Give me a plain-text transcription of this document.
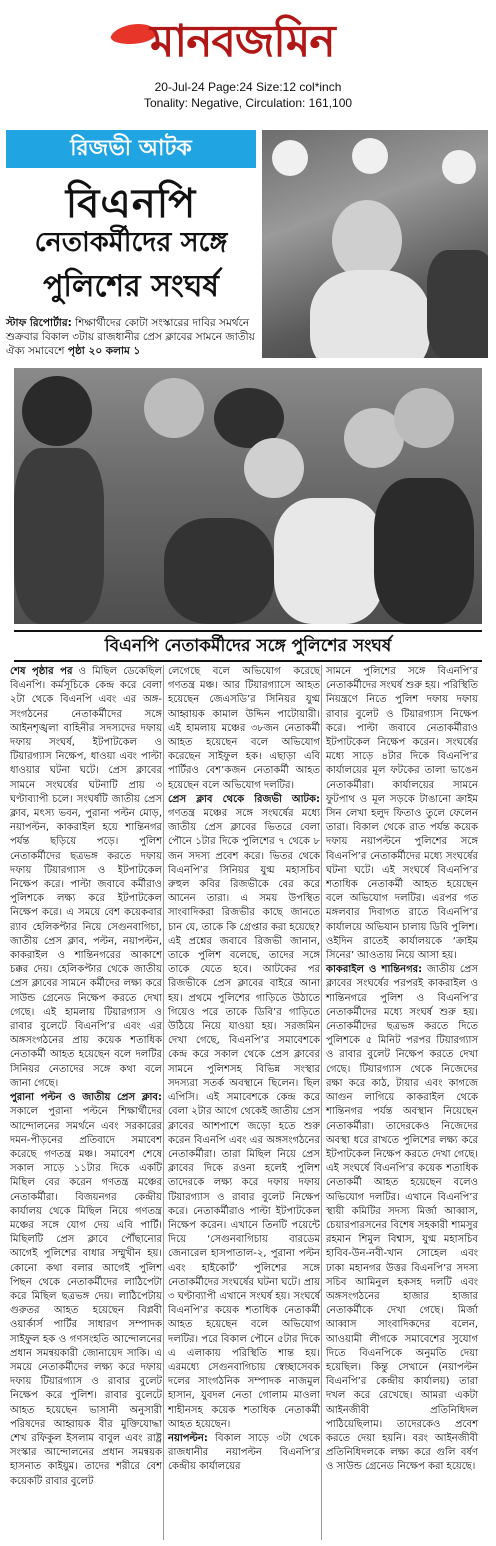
মানবজমিন
20-Jul-24 Page:24 Size:12 col*inch
Tonality: Negative, Circulation: 161,100
রিজভী আটক
বিএনপি
নেতাকর্মীদের সঙ্গে
পুলিশের সংঘর্ষ
স্টাফ রিপোর্টার: শিক্ষার্থীদের কোটা সংস্কারের দাবির সমর্থনে শুক্রবার বিকাল ৩টায় রাজধানীর প্রেস ক্লাবের সামনে জাতীয় ঐক্য সমাবেশে পৃষ্ঠা ২০ কলাম ১
বিএনপি নেতাকর্মীদের সঙ্গে পুলিশের সংঘর্ষ

শেষ পৃষ্ঠার পর ও মিছিল ডেকেছিল বিএনপি। কর্মসূচিকে কেন্দ্র করে বেলা ২টা থেকে বিএনপি এবং এর অঙ্গ-সংগঠনের নেতাকর্মীদের সঙ্গে আইনশৃঙ্খলা বাহিনীর সদস্যদের দফায় দফায় সংঘর্ষ, ইটপাটকেল ও টিয়ারগ্যাস নিক্ষেপ, ধাওয়া এবং পাল্টা ধাওয়ার ঘটনা ঘটে। প্রেস ক্লাবের সামনে সংঘর্ষের ঘটনাটি প্রায় ৩ ঘণ্টাব্যাপী চলে। সংঘর্ষটি জাতীয় প্রেস ক্লাব, মৎস্য ভবন, পুরানা পল্টন মোড়, নয়াপল্টন, কাকরাইল হয়ে শান্তিনগর পর্যন্ত ছড়িয়ে পড়ে। পুলিশ নেতাকর্মীদের ছত্রভঙ্গ করতে দফায় দফায় টিয়ারগ্যাস ও ইটপাটকেল নিক্ষেপ করে। পাল্টা জবাবে কর্মীরাও পুলিশকে লক্ষ্য করে ইটপাটকেল নিক্ষেপ করে। এ সময়ে বেশ কয়েকবার র‌্যাব হেলিকপ্টার নিয়ে সেগুনবাগিচা, জাতীয় প্রেস ক্লাব, পল্টন, নয়াপল্টন, কাকরাইল ও শান্তিনগরের আকাশে চক্কর দেয়। হেলিকপ্টার থেকে জাতীয় প্রেস ক্লাবের সামনে কর্মীদের লক্ষ্য করে সাউন্ড গ্রেনেড নিক্ষেপ করতে দেখা গেছে। এই হামলায় টিয়ারগ্যাস ও রাবার বুলেটে বিএনপি’র এবং এর অঙ্গসংগঠনের প্রায় কয়েক শতাধিক নেতাকর্মী আহত হয়েছেন বলে দলটির সিনিয়র নেতাদের সঙ্গে কথা বলে জানা গেছে।

পুরানা পল্টন ও জাতীয় প্রেস ক্লাব: সকালে পুরানা পল্টনে শিক্ষার্থীদের আন্দোলনের সমর্থনে এবং সরকারের দমন-পীড়নের প্রতিবাদে সমাবেশ করেছে গণতন্ত্র মঞ্চ। সমাবেশ শেষে সকাল সাড়ে ১১টার দিকে একটি মিছিল বের করেন গণতন্ত্র মঞ্চের নেতাকর্মীরা। বিজয়নগর কেন্দ্রীয় কার্যালয় থেকে মিছিল নিয়ে গণতন্ত্র মঞ্চের সঙ্গে যোগ দেয় এবি পার্টি। মিছিলটি প্রেস ক্লাবে পৌঁছানোর আগেই পুলিশের বাধার সম্মুখীন হয়। কোনো কথা বলার আগেই পুলিশ পিছন থেকে নেতাকর্মীদের লাঠিপেটা করে মিছিল ছত্রভঙ্গ দেয়। লাঠিপেটায় গুরুতর আহত হয়েছেন বিপ্লবী ওয়ার্কার্স পার্টির সাধারণ সম্পাদক সাইফুল হক ও গণসংহতি আন্দোলনের প্রধান সমন্বয়কারী জোনায়েদ সাকি। এ সময়ে নেতাকর্মীদের লক্ষ্য করে দফায় দফায় টিয়ারগ্যাস ও রাবার বুলেট নিক্ষেপ করে পুলিশ। রাবার বুলেটে আহত হয়েছেন ভাসানী অনুসারী পরিষদের আহ্বায়ক বীর মুক্তিযোদ্ধা শেখ রফিকুল ইসলাম বাবুল এবং রাষ্ট্র সংস্কার আন্দোলনের প্রধান সমন্বয়ক হাসনাত কাইয়ুম। তাদের শরীরে বেশ কয়েকটি রাবার বুলেট

লেগেছে বলে অভিযোগ করেছে গণতন্ত্র মঞ্চ। আর টিয়ারগ্যাসে আহত হয়েছেন জেএসডি’র সিনিয়র যুগ্ম আহ্বায়ক কামাল উদ্দিন পাটোয়ারী। এই হামলায় মঞ্চের ৩৮জন নেতাকর্মী আহত হয়েছেন বলে অভিযোগ করেছেন সাইফুল হক। এছাড়া এবি পার্টিরও বেশ’কজন নেতাকর্মী আহত হয়েছেন বলে অভিযোগ দলটির।

প্রেস ক্লাব থেকে রিজভী আটক: গণতন্ত্র মঞ্চের সঙ্গে সংঘর্ষের মধ্যে জাতীয় প্রেস ক্লাবের ভিতরে বেলা পৌনে ১টার দিকে পুলিশের ৭ থেকে ৮ জন সদস্য প্রবেশ করে। ভিতর থেকে বিএনপি’র সিনিয়র যুগ্ম মহাসচিব রুহুল কবির রিজভীকে বের করে আনেন তারা। এ সময় উপস্থিত সাংবাদিকরা রিজভীর কাছে জানতে চান যে, তাকে কি গ্রেপ্তার করা হয়েছে? এই প্রশ্নের জবাবে রিজভী জানান, তাকে পুলিশ বলেছে, তাদের সঙ্গে তাকে যেতে হবে। আটকের পর রিজভীকে প্রেস ক্লাবের বাইরে আনা হয়। প্রথমে পুলিশের গাড়িতে উঠাতে গিয়েও পরে তাকে ডিবি’র গাড়িতে উঠিয়ে নিয়ে যাওয়া হয়। সরজমিন দেখা গেছে, বিএনপি’র সমাবেশকে কেন্দ্র করে সকাল থেকে প্রেস ক্লাবের সামনে পুলিশসহ বিভিন্ন সংস্থার সদস্যরা সতর্ক অবস্থানে ছিলেন। ছিল এপিসি। এই সমাবেশকে কেন্দ্র করে বেলা ২টার আগে থেকেই জাতীয় প্রেস ক্লাবের আশপাশে জড়ো হতে শুরু করেন বিএনপি এবং এর অঙ্গসংগঠনের নেতাকর্মীরা। তারা মিছিল নিয়ে প্রেস ক্লাবের দিকে রওনা হলেই পুলিশ তাদেরকে লক্ষ্য করে দফায় দফায় টিয়ারগ্যাস ও রাবার বুলেট নিক্ষেপ করে। নেতাকর্মীরাও পাল্টা ইটপাটকেল নিক্ষেপ করেন। এখানে তিনটি পয়েন্টে দিয়ে ‘সেগুনবাগিচায় বারডেম জেনারেল হাসপাতাল-২, পুরানা পল্টন এবং হাইকোর্ট’ পুলিশের সঙ্গে নেতাকর্মীদের সংঘর্ষের ঘটনা ঘটে। প্রায় ৩ ঘণ্টাব্যাপী এখানে সংঘর্ষ হয়। সংঘর্ষে বিএনপি’র কয়েক শতাধিক নেতাকর্মী আহত হয়েছেন বলে অভিযোগ দলটির। পরে বিকাল পৌনে ৫টার দিকে এ এলাকায় পরিস্থিতি শান্ত হয়। এরমধ্যে সেগুনবাগিচায় স্বেচ্ছাসেবক দলের সাংগঠনিক সম্পাদক নাজমুল হাসান, যুবদল নেতা গোলাম মাওলা শাহীনসহ কয়েক শতাধিক নেতাকর্মী আহত হয়েছেন।

নয়াপল্টন: বিকাল সাড়ে ৩টা থেকে রাজধানীর নয়াপল্টন বিএনপি’র কেন্দ্রীয় কার্যালয়ের

সামনে পুলিশের সঙ্গে বিএনপি’র নেতাকর্মীদের সংঘর্ষ শুরু হয়। পরিস্থিতি নিয়ন্ত্রণে নিতে পুলিশ দফায় দফায় রাবার বুলেট ও টিয়ারগ্যাস নিক্ষেপ করে। পাল্টা জবাবে নেতাকর্মীরাও ইটপাটকেল নিক্ষেপ করেন। সংঘর্ষের মধ্যে সাড়ে ৪টার দিকে বিএনপি’র কার্যালয়ের মূল ফটকের তালা ভাঙেন নেতাকর্মীরা। কার্যালয়ের সামনে ফুটপাথ ও মূল সড়কে টাঙানো ক্রাইম সিন লেখা হলুদ ফিতাও তুলে ফেলেন তারা। বিকাল থেকে রাত পর্যন্ত কয়েক দফায় নয়াপল্টনে পুলিশের সঙ্গে বিএনপি’র নেতাকর্মীদের মধ্যে সংঘর্ষের ঘটনা ঘটে। এই সংঘর্ষে বিএনপি’র শতাধিক নেতাকর্মী আহত হয়েছেন বলে অভিযোগ দলটির। এরপর গত মঙ্গলবার দিবাগত রাতে বিএনপি’র কার্যালয়ে অভিযান চালায় ডিবি পুলিশ। ওইদিন রাতেই কার্যালয়কে ‘ক্রাইম সিনের’ আওতায় নিয়ে আসা হয়।

কাকরাইল ও শান্তিনগর: জাতীয় প্রেস ক্লাবের সংঘর্ষের পরপরই কাকরাইল ও শান্তিনগরে পুলিশ ও বিএনপি’র নেতাকর্মীদের মধ্যে সংঘর্ষ শুরু হয়। নেতাকর্মীদের ছত্রভঙ্গ করতে দিতে পুলিশকে ৫ মিনিট পরপর টিয়ারগ্যাস ও রাবার বুলেট নিক্ষেপ করতে দেখা গেছে। টিয়ারগ্যাস থেকে নিজেদের রক্ষা করে কাঠ, টায়ার এবং কাগজে আগুন লাগিয়ে কাকরাইল থেকে শান্তিনগর পর্যন্ত অবস্থান নিয়েছেন নেতাকর্মীরা। তাদেরকেও নিজেদের অবস্থা ধরে রাখতে পুলিশের লক্ষ্য করে ইটপাটকেল নিক্ষেপ করতে দেখা গেছে। এই সংঘর্ষে বিএনপি’র কয়েক শতাধিক নেতাকর্মী আহত হয়েছেন বলেও অভিযোগ দলটির। এখানে বিএনপি’র স্থায়ী কমিটির সদস্য মির্জা আব্বাস, চেয়ারপারসনের বিশেষ সহকারী শামসুর রহমান শিমুল বিশ্বাস, যুগ্ম মহাসচিব হাবিব-উন-নবী-খান সোহেল এবং ঢাকা মহানগর উত্তর বিএনপি’র সদস্য সচিব আমিনুল হকসহ দলটি এবং অঙ্গসংগঠনের হাজার হাজার নেতাকর্মীকে দেখা গেছে। মির্জা আব্বাস সাংবাদিকদের বলেন, আওয়ামী লীগকে সমাবেশের সুযোগ দিতে বিএনপিকে অনুমতি দেয়া হয়েছিল। কিন্তু সেখানে (নয়াপল্টন বিএনপি’র কেন্দ্রীয় কার্যালয়) তারা দখল করে রেখেছে। আমরা একটা আইনজীবী প্রতিনিধিদল পাঠিয়েছিলাম। তাদেরকেও প্রবেশ করতে দেয়া হয়নি। বরং আইনজীবী প্রতিনিধিদলকে লক্ষ্য করে গুলি বর্ষণ ও সাউন্ড গ্রেনেড নিক্ষেপ করা হয়েছে।
